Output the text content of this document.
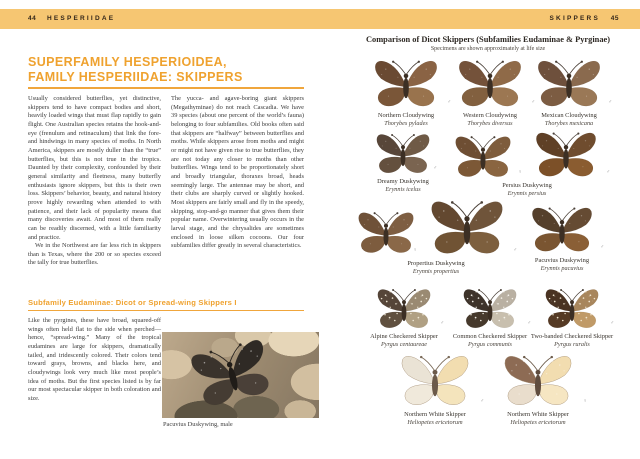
44 HESPERIIDAE	SKIPPERS 45
SUPERFAMILY HESPERIOIDEA,
FAMILY HESPERIIDAE: SKIPPERS

Usually considered butterflies, yet distinctive, skippers tend to have compact bodies and short, heavily loaded wings that must flap rapidly to gain flight. One Australian species retains the hook-and-eye (frenulum and retinaculum) that link the fore- and hindwings in many species of moths. In North America, skippers are mostly duller than the “true” butterflies, but this is not true in the tropics. Daunted by their complexity, confounded by their general similarity and fleetness, many butterfly enthusiasts ignore skippers, but this is their own loss. Skippers’ behavior, beauty, and natural history prove highly rewarding when attended to with patience, and their lack of popularity means that many discoveries await. And most of them really can be readily discerned, with a little familiarity and practice.

We in the Northwest are far less rich in skippers than is Texas, where the 200 or so species exceed the tally for true butterflies.

The yucca- and agave-boring giant skippers (Megathyminae) do not reach Cascadia. We have 39 species (about one percent of the world’s fauna) belonging to four subfamilies. Old books often said that skippers are “halfway” between butterflies and moths. While skippers arose from moths and might or might not have given rise to true butterflies, they are not today any closer to moths than other butterflies. Wings tend to be proportionately short and broadly triangular, thoraxes broad, heads seemingly large. The antennae may be short, and their clubs are sharply curved or slightly hooked. Most skippers are fairly small and fly in the speedy, skipping, stop-and-go manner that gives them their popular name. Overwintering usually occurs in the larval stage, and the chrysalides are sometimes enclosed in loose silken cocoons. Our four subfamilies differ greatly in several characteristics.

Subfamily Eudaminae: Dicot or Spread-wing Skippers I

Like the pyrgines, these have broad, squared-off wings often held flat to the side when perched—hence, “spread-wing.” Many of the tropical eudamines are large for skippers, dramatically tailed, and iridescently colored. Their colors tend toward grays, browns, and blacks here, and cloudywings look very much like most people’s idea of moths. But the first species listed is by far our most spectacular skipper in both coloration and size.

Pacuvius Duskywing, male
Comparison of Dicot Skippers (Subfamilies Eudaminae & Pyrginae)
Specimens are shown approximately at life size
♂
Northern Cloudywing
Thorybes pylades
♂
Western Cloudywing
Thorybes diversus
♂
Mexican Cloudywing
Thorybes mexicana
♂
Dreamy Duskywing
Erynnis icelus
♀	♂
Persius Duskywing
Erynnis persius
♀	♂
Propertius Duskywing
Erynnis propertius
♂
Pacuvius Duskywing
Erynnis pacuvius
♂
Alpine Checkered Skipper
Pyrgus centaureae
♂
Common Checkered Skipper
Pyrgus communis
♂
Two-banded Checkered Skipper
Pyrgus ruralis
♂
Northern White Skipper
Heliopetes ericetorum
♀
Northern White Skipper
Heliopetes ericetorum
